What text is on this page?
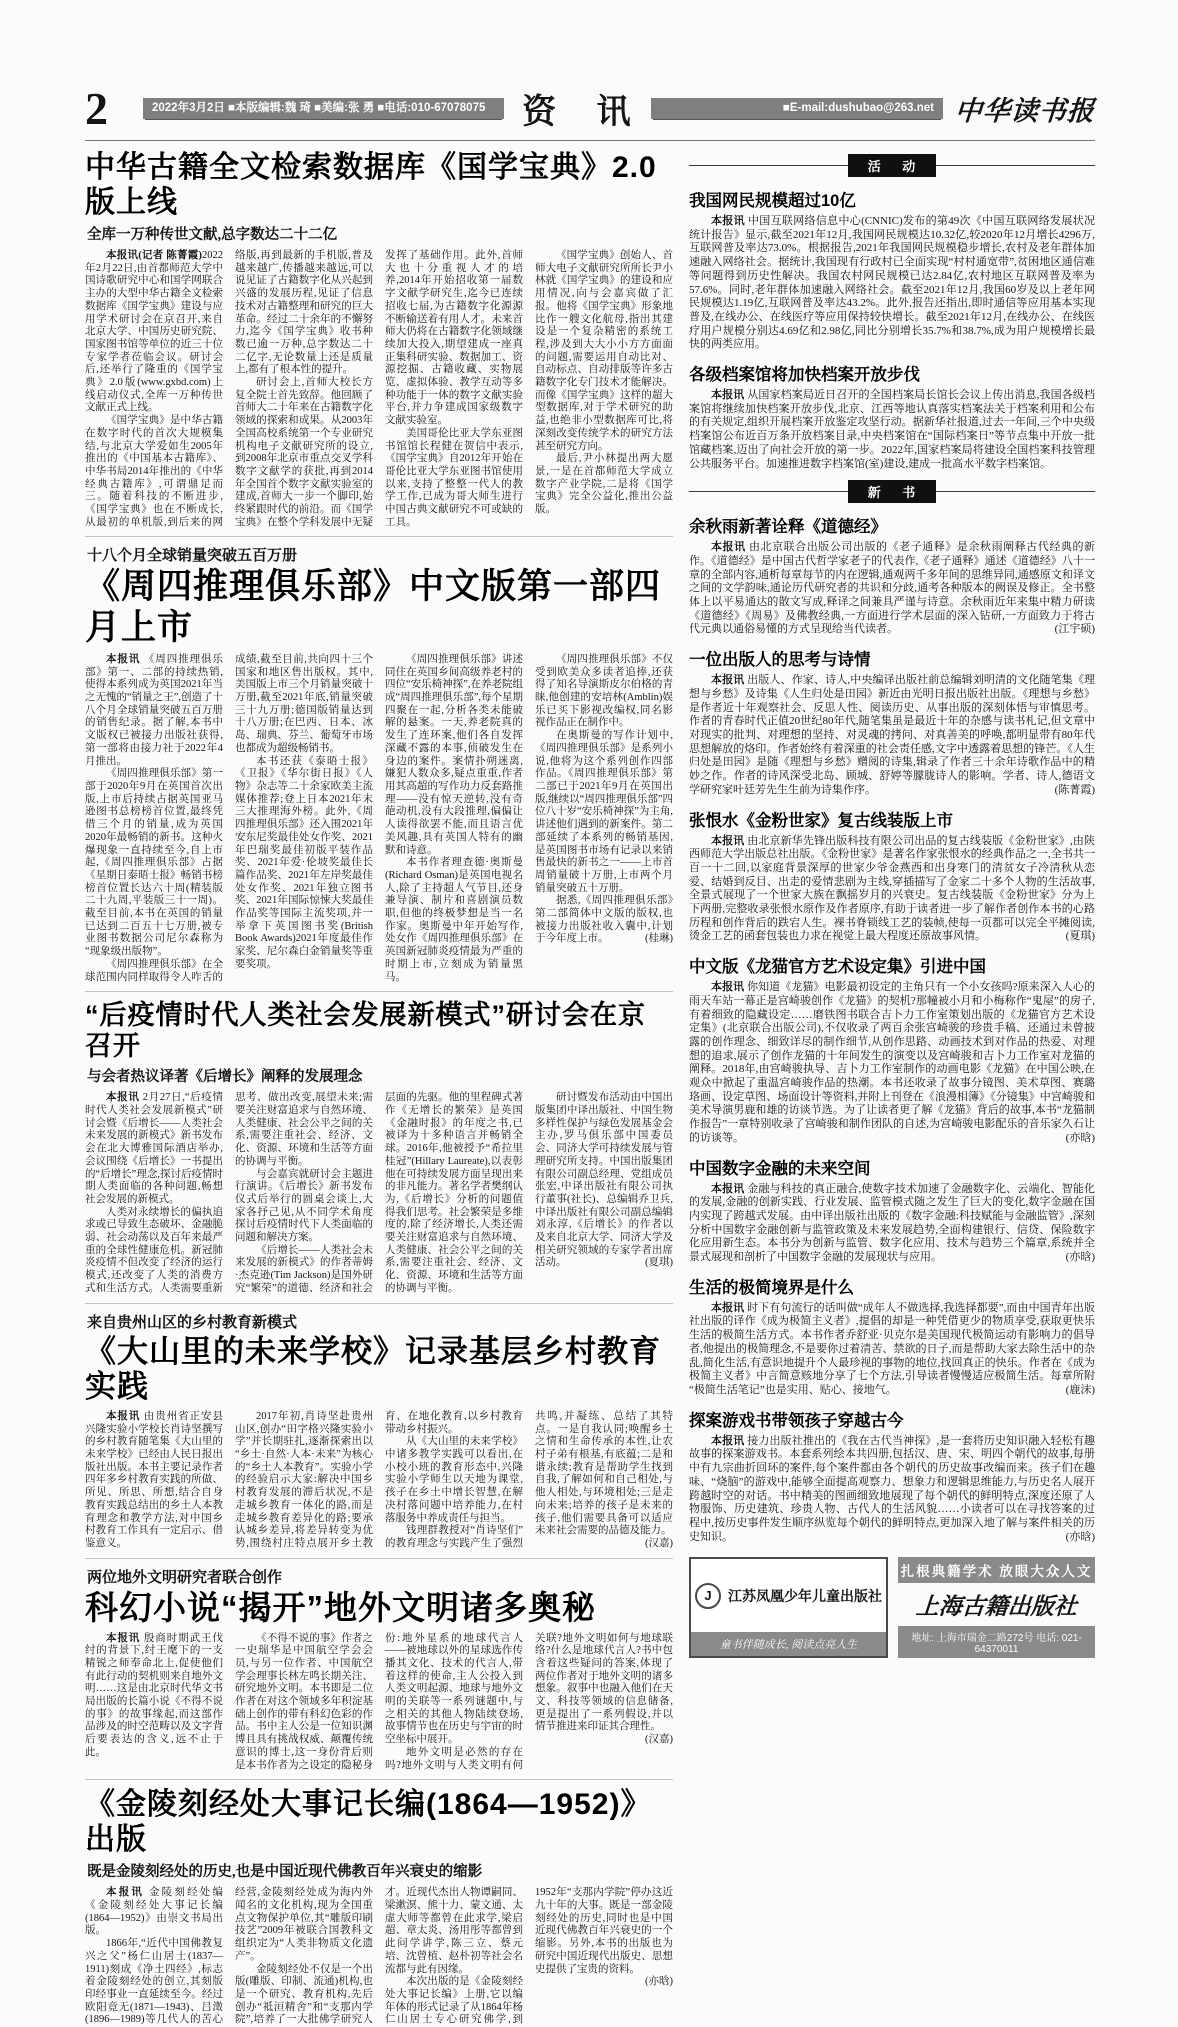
2	2022年3月2日 ■本版编辑:魏 琦 ■美编:张 勇 ■电话:010-67078075	资 讯	■E-mail:dushubao@263.net 中华读书报
中华古籍全文检索数据库《国学宝典》2.0版上线
全库一万种传世文献,总字数达二十二亿

本报讯(记者 陈菁霞)2022年2月22日,由首都师范大学中国诗歌研究中心和国学网联合主办的大型中华古籍全文检索数据库《国学宝典》建设与应用学术研讨会在京召开,来自北京大学、中国历史研究院、国家图书馆等单位的近三十位专家学者莅临会议。研讨会后,还举行了隆重的《国学宝典》2.0版(www.gxbd.com)上线启动仪式,全库一万种传世文献正式上线。

《国学宝典》是中华古籍在数字时代的首次大规模集结,与北京大学爱如生2005年推出的《中国基本古籍库》、中华书局2014年推出的《中华经典古籍库》,可谓鼎足而三。随着科技的不断进步,《国学宝典》也在不断成长,从最初的单机版,到后来的网络版,再到最新的手机版,普及越来越广,传播越来越远,可以说见证了古籍数字化从兴起到兴盛的发展历程,见证了信息技术对古籍整理和研究的巨大革命。经过二十余年的不懈努力,迄今《国学宝典》收书种数已逾一万种,总字数达二十二亿字,无论数量上还是质量上,都有了根本性的提升。

研讨会上,首师大校长方复全院士首先致辞。他回顾了首师大二十年来在古籍数字化领域的探索和成果。从2003年全国高校系统第一个专业研究机构电子文献研究所的设立,到2008年北京市重点交叉学科数字文献学的获批,再到2014年全国首个数字文献实验室的建成,首师大一步一个脚印,始终紧跟时代的前沿。而《国学宝典》在整个学科发展中无疑发挥了基础作用。此外,首师大也十分重视人才的培养,2014年开始招收第一届数字文献学研究生,迄今已连续招收七届,为古籍数字化源源不断输送着有用人才。未来首师大仍将在古籍数字化领域继续加大投入,期望建成一座真正集科研实验、数据加工、资源挖掘、古籍收藏、实物展览、虚拟体验、教学互动等多种功能于一体的数字文献实验平台,并力争建成国家级数字文献实验室。

美国哥伦比亚大学东亚图书馆馆长程健在贺信中表示,《国学宝典》自2012年开始在哥伦比亚大学东亚图书馆使用以来,支持了整整一代人的教学工作,已成为哥大师生进行中国古典文献研究不可或缺的工具。

《国学宝典》创始人、首师大电子文献研究所所长尹小林就《国学宝典》的建设和应用情况,向与会嘉宾做了汇报。他将《国学宝典》形象地比作一艘文化航母,指出其建设是一个复杂精密的系统工程,涉及到大大小小方方面面的问题,需要运用自动比对、自动标点、自动排版等许多古籍数字化专门技术才能解决。而像《国学宝典》这样的超大型数据库,对于学术研究的助益,也绝非小型数据库可比,将深刻改变传统学术的研究方法甚至研究方向。

最后,尹小林提出两大愿景,一是在首都师范大学成立数字产业学院,二是将《国学宝典》完全公益化,推出公益版。

十八个月全球销量突破五百万册
《周四推理俱乐部》中文版第一部四月上市

本报讯 《周四推理俱乐部》第一、二部的持续热销,使得本系列成为英国2021年当之无愧的“销量之王”,创造了十八个月全球销量突破五百万册的销售纪录。据了解,本书中文版权已被接力出版社获得,第一部将由接力社于2022年4月推出。

《周四推理俱乐部》第一部于2020年9月在英国首次出版,上市后持续占据英国亚马逊图书总榜榜首位置,最终凭借三个月的销量,成为英国2020年最畅销的新书。这种火爆现象一直持续至今,自上市起,《周四推理俱乐部》占据《星期日泰晤士报》畅销书榜榜首位置长达六十周(精装版二十九周,平装版三十一周)。截至目前,本书在英国的销量已达到二百五十七万册,被专业图书数据公司尼尔森称为“现象级出版物”。

《周四推理俱乐部》在全球范围内同样取得令人咋舌的成绩,截至目前,共向四十三个国家和地区售出版权。其中,美国版上市三个月销量突破十万册,截至2021年底,销量突破三十九万册;德国版销量达到十八万册;在巴西、日本、冰岛、瑞典、芬兰、葡萄牙市场也都成为超级畅销书。

本书还获《泰晤士报》《卫报》《华尔街日报》《人物》杂志等二十余家欧美主流媒体推荐;登上日本2021年末三大推理海外榜。此外,《周四推理俱乐部》还入围2021年安东尼奖最佳处女作奖、2021年巴瑞奖最佳初版平装作品奖、2021年爱·伦坡奖最佳长篇作品奖、2021年左岸奖最佳处女作奖、2021年独立图书奖、2021年国际惊悚大奖最佳作品奖等国际主流奖项,并一举拿下英国图书奖(British Book Awards)2021年度最佳作家奖、尼尔森白金销量奖等重要奖项。

《周四推理俱乐部》讲述同住在英国乡间高级养老村的四位“安乐椅神探”,在养老院组成“周四推理俱乐部”,每个星期四聚在一起,分析各类未能破解的悬案。一天,养老院真的发生了连环案,他们各自发挥深藏不露的本事,侦破发生在身边的案件。案情扑朔迷离,嫌犯人数众多,疑点重重,作者用其高超的写作功力反套路推理——没有惊天逆转,没有奇葩动机,没有大段推理,偏偏让人读得欲罢不能,而且语言优美风趣,具有英国人特有的幽默和诗意。

本书作者理查德·奥斯曼(Richard Osman)是英国电视名人,除了主持超人气节目,还身兼导演、制片和喜剧演员数职,但他的终极梦想是当一名作家。奥斯曼中年开始写作,处女作《周四推理俱乐部》在英国新冠肺炎疫情最为严重的时期上市,立刻成为销量黑马。

《周四推理俱乐部》不仅受到欧美众多读者追捧,还获得了知名导演斯皮尔伯格的青睐,他创建的安培林(Amblin)娱乐已买下影视改编权,同名影视作品正在制作中。

在奥斯曼的写作计划中,《周四推理俱乐部》是系列小说,他将为这个系列创作四部作品。《周四推理俱乐部》第二部已于2021年9月在英国出版,继续以“周四推理俱乐部”四位八十岁“安乐椅神探”为主角,讲述他们遇到的新案件。第二部延续了本系列的畅销基因,是英国图书市场有记录以来销售最快的新书之一——上市首周销量破十万册,上市两个月销量突破五十万册。

据悉,《周四推理俱乐部》第二部简体中文版的版权,也被接力出版社收入囊中,计划于今年度上市。	(桂琳)

“后疫情时代人类社会发展新模式”研讨会在京召开
与会者热议译著《后增长》阐释的发展理念

本报讯 2月27日,“后疫情时代人类社会发展新模式”研讨会暨《后增长——人类社会未来发展的新模式》新书发布会在北大博雅国际酒店举办,会议围绕《后增长》一书提出的“后增长”理念,探讨后疫情时期人类面临的各种问题,畅想社会发展的新模式。

人类对永续增长的偏执追求或已导致生态破坏、金融脆弱、社会动荡以及百年来最严重的全球性健康危机。新冠肺炎疫情不但改变了经济的运行模式,还改变了人类的消费方式和生活方式。人类需要重新思考、做出改变,展望未来;需要关注财富追求与自然环境、人类健康、社会公平之间的关系,需要注重社会、经济、文化、资源、环境和生活等方面的协调与平衡。

与会嘉宾就研讨会主题进行演讲。《后增长》新书发布仪式后举行的圆桌会谈上,大家各抒己见,从不同学术角度探讨后疫情时代下人类面临的问题和解决方案。

《后增长——人类社会未来发展的新模式》的作者蒂姆·杰克逊(Tim Jackson)是国外研究“繁荣”的道德、经济和社会层面的先驱。他的里程碑式著作《无增长的繁荣》是英国《金融时报》的年度之书,已被译为十多种语言并畅销全球。2016年,他被授予“希拉里桂冠”(Hillary Laureate),以表彰他在可持续发展方面呈现出来的非凡能力。著名学者樊纲认为,《后增长》分析的问题值得我们思考。社会繁荣是多维度的,除了经济增长,人类还需要关注财富追求与自然环境、人类健康、社会公平之间的关系,需要注重社会、经济、文化、资源、环境和生活等方面的协调与平衡。

研讨暨发布活动由中国出版集团中译出版社、中国生物多样性保护与绿色发展基金会主办,罗马俱乐部中国委员会、同济大学可持续发展与管理研究所支持。中国出版集团有限公司副总经理、党组成员张宏,中译出版社有限公司执行董事(社长)、总编辑乔卫兵,中译出版社有限公司副总编辑刘永淳,《后增长》的作者以及来自北京大学、同济大学及相关研究领域的专家学者出席活动。	(夏琪)

来自贵州山区的乡村教育新模式
《大山里的未来学校》记录基层乡村教育实践

本报讯 由贵州省正安县兴隆实验小学校长肖诗坚撰写的乡村教育随笔集《大山里的未来学校》已经由人民日报出版社出版。本书主要记录作者四年多乡村教育实践的所做、所见、所思、所想,结合自身教育实践总结出的乡土人本教育理念和教学方法,对中国乡村教育工作具有一定启示、借鉴意义。

2017年初,肖诗坚赴贵州山区,创办“田字格兴隆实验小学”并长期驻扎,逐渐探索出以“乡土·自然·人本·未来”为核心的“乡土人本教育”。实验小学的经验启示大家:解决中国乡村教育发展的滞后状况,不是走城乡教育一体化的路,而是走城乡教育差异化的路;要承认城乡差异,将差异转变为优势,围绕村庄特点展开乡土教育、在地化教育,以乡村教育带动乡村振兴。

从《大山里的未来学校》中诸多教学实践可以看出,在小校小班的教育形态中,兴隆实验小学师生以天地为课堂,孩子在乡土中增长智慧,在解决村落问题中培养能力,在村落服务中养成责任与担当。

钱理群教授对“肖诗坚们”的教育理念与实践产生了强烈共鸣,并凝练、总结了其特点。一是自我认同;唤醒乡土之情和生命传承的本性,让农村子弟有根基,有底蕴;二是和谐永续;教育是帮助学生找到自我,了解如何和自己相处,与他人相处,与环境相处;三是走向未来;培养的孩子是未来的孩子,他们需要具备可以适应未来社会需要的品德及能力。
(汉嘉)

两位地外文明研究者联合创作
科幻小说“揭开”地外文明诸多奥秘

本报讯 殷商时期武王伐纣的背景下,纣王麾下的一支精锐之师奉命北上,促使他们有此行动的契机则来自地外文明……这是由北京时代华文书局出版的长篇小说《不得不说的事》的故事缘起,而这部作品涉及的时空范畴以及文字背后要表达的含义,远不止于此。

《不得不说的事》作者之一史瑞华是中国航空学会会员,与另一位作者、中国航空学会理事长林左鸣长期关注、研究地外文明。本书即是二位作者在对这个领域多年积淀基础上创作的带有科幻色彩的作品。书中主人公是一位知识渊博且具有挑战权威、颠覆传统意识的博士,这一身份背后则是本书作者为之设定的隐秘身份:地外星系的地球代言人——被地球以外的星球选作传播其文化、技术的代言人,带着这样的使命,主人公投入到人类文明起源、地球与地外文明的关联等一系列谜题中,与之相关的其他人物陆续登场,故事情节也在历史与宇宙的时空坐标中展开。

地外文明是必然的存在吗?地外文明与人类文明有何关联?地外文明如何与地球联络?什么是地球代言人?书中包含着这些疑问的答案,体现了两位作者对于地外文明的诸多想象。叙事中也融入他们在天文、科技等领域的信息储备,更是提出了一系列假设,并以情节推进来印证其合理性。
(汉嘉)

《金陵刻经处大事记长编(1864—1952)》出版
既是金陵刻经处的历史,也是中国近现代佛教百年兴衰史的缩影

本报讯 金陵刻经处编《金陵刻经处大事记长编(1864—1952)》由崇文书局出版。

1866年,“近代中国佛教复兴之父”杨仁山居士(1837—1911)刻成《净土四经》,标志着金陵刻经处的创立,其刻版印经事业一直延续至今。经过欧阳竟无(1871—1943)、吕澂(1896—1989)等几代人的苦心经营,金陵刻经处成为海内外闻名的文化机构,现为全国重点文物保护单位,其“雕版印刷技艺”2009年被联合国教科文组织定为“人类非物质文化遗产”。

金陵刻经处不仅是一个出版(雕版、印制、流通)机构,也是一个研究、教育机构,先后创办“祗洹精舍”和“支那内学院”,培养了一大批佛学研究人才。近现代杰出人物谭嗣同、梁漱溟、熊十力、蒙文通、太虚大师等都曾在此求学,梁启超、章太炎、汤用彤等都曾到此问学讲学,陈三立、蔡元培、沈曾植、赵朴初等社会名流都与此有因缘。

本次出版的是《金陵刻经处大事记长编》上册,它以编年体的形式记录了从1864年杨仁山居士专心研究佛学,到1952年“支那内学院”停办这近九十年的大事。既是一部金陵刻经处的历史,同时也是中国近现代佛教百年兴衰史的一个缩影。另外,本书的出版也为研究中国近现代出版史、思想史提供了宝贵的资料。
(亦晗)

活 动
我国网民规模超过10亿

本报讯 中国互联网络信息中心(CNNIC)发布的第49次《中国互联网络发展状况统计报告》显示,截至2021年12月,我国网民规模达10.32亿,较2020年12月增长4296万,互联网普及率达73.0%。根据报告,2021年我国网民规模稳步增长,农村及老年群体加速融入网络社会。据统计,我国现有行政村已全面实现“村村通宽带”,贫困地区通信难等问题得到历史性解决。我国农村网民规模已达2.84亿,农村地区互联网普及率为57.6%。同时,老年群体加速融入网络社会。截至2021年12月,我国60岁及以上老年网民规模达1.19亿,互联网普及率达43.2%。此外,报告还指出,即时通信等应用基本实现普及,在线办公、在线医疗等应用保持较快增长。截至2021年12月,在线办公、在线医疗用户规模分别达4.69亿和2.98亿,同比分别增长35.7%和38.7%,成为用户规模增长最快的两类应用。

各级档案馆将加快档案开放步伐

本报讯 从国家档案局近日召开的全国档案局长馆长会议上传出消息,我国各级档案馆将继续加快档案开放步伐,北京、江西等地认真落实档案法关于档案利用和公布的有关规定,组织开展档案开放鉴定攻坚行动。据新华社报道,过去一年间,三个中央级档案馆公布近百万条开放档案目录,中央档案馆在“国际档案日”等节点集中开放一批馆藏档案,迈出了向社会开放的第一步。2022年,国家档案局将建设全国档案科技管理公共服务平台。加速推进数字档案馆(室)建设,建成一批高水平数字档案馆。

新 书
余秋雨新著诠释《道德经》

本报讯 由北京联合出版公司出版的《老子通释》是余秋雨阐释古代经典的新作。《道德经》是中国古代哲学家老子的代表作,《老子通释》通述《道德经》八十一章的全部内容,通析每章每节的内在逻辑,通观两千多年间的思维异同,通感原文和译文之间的文学韵味,通论历代研究者的共识和分歧,通考各种版本的阙误及修正。全书整体上以平易通达的散文写成,释译之间兼具严谨与诗意。余秋雨近年来集中精力研读《道德经》《周易》及佛教经典,一方面进行学术层面的深入钻研,一方面致力于将古代元典以通俗易懂的方式呈现给当代读者。	(江宇硕)

一位出版人的思考与诗情

本报讯 出版人、作家、诗人,中央编译出版社前总编辑刘明清的文化随笔集《理想与乡愁》及诗集《人生归处是田园》新近由光明日报出版社出版。《理想与乡愁》是作者近十年观察社会、反思人性、阅读历史、从事出版的深刻体悟与审慎思考。作者的青春时代正值20世纪80年代,随笔集虽是最近十年的杂感与读书札记,但文章中对现实的批判、对理想的坚持、对灵魂的拷问、对真善美的呼唤,都明显带有80年代思想解放的烙印。作者始终有着深重的社会责任感,文字中透露着思想的锋芒。《人生归处是田园》是随《理想与乡愁》赠阅的诗集,辑录了作者三十余年诗歌作品中的精妙之作。作者的诗风深受北岛、顾城、舒婷等朦胧诗人的影响。学者、诗人,德语文学研究家叶廷芳先生生前为诗集作序。	(陈菁霞)

张恨水《金粉世家》复古线装版上市

本报讯 由北京新华先锋出版科技有限公司出品的复古线装版《金粉世家》,由陕西师范大学出版总社出版。《金粉世家》是著名作家张恨水的经典作品之一,全书共一百一十二回,以家庭背景深厚的世家少爷金燕西和出身寒门的清贫女子冷清秋从恋爱、结婚到反目、出走的爱情悲剧为主线,穿插描写了金家二十多个人物的生活故事,全景式展现了一个世家大族在飘摇岁月的兴衰史。复古线装版《金粉世家》分为上下两册,完整收录张恨水原作及作者原序,有助于读者进一步了解作者创作本书的心路历程和创作背后的跌宕人生。裸书脊锁线工艺的装帧,使每一页都可以完全平摊阅读,烫金工艺的函套包装也力求在视觉上最大程度还原故事风情。	(夏琪)

中文版《龙猫官方艺术设定集》引进中国

本报讯 你知道《龙猫》电影最初设定的主角只有一个小女孩吗?原来深入人心的雨天车站一幕正是宫崎骏创作《龙猫》的契机?那幢被小月和小梅称作“鬼屋”的房子,有着细致的隐藏设定……磨铁图书联合吉卜力工作室策划出版的《龙猫官方艺术设定集》(北京联合出版公司),不仅收录了两百余张宫崎骏的珍贵手稿、还通过未曾披露的创作理念、细致详尽的制作细节,从创作思路、动画技术到对作品的热爱、对理想的追求,展示了创作龙猫的十年间发生的演变以及宫崎骏和吉卜力工作室对龙猫的阐释。2018年,由宫崎骏执导、吉卜力工作室制作的动画电影《龙猫》在中国公映,在观众中掀起了重温宫崎骏作品的热潮。本书还收录了故事分镜图、美术草图、赛璐珞画、设定草图、场面设计等资料,并附上刊登在《浪漫相簿》《分镜集》中宫崎骏和美术导演男鹿和雄的访谈节选。为了让读者更了解《龙猫》背后的故事,本书“龙猫制作报告”一章特别收录了宫崎骏和制作团队的自述,为宫崎骏电影配乐的音乐家久石让的访谈等。	(亦晗)

中国数字金融的未来空间

本报讯 金融与科技的真正融合,使数字技术加速了金融数字化、云端化、智能化的发展,金融的创新实践、行业发展、监管模式随之发生了巨大的变化,数字金融在国内实现了跨越式发展。由中译出版社出版的《数字金融:科技赋能与金融监管》,深刻分析中国数字金融创新与监管政策及未来发展趋势,全面构建银行、信贷、保险数字化应用新生态。本书分为创新与监管、数字化应用、技术与趋势三个篇章,系统并全景式展现和剖析了中国数字金融的发展现状与应用。	(亦晗)

生活的极简境界是什么

本报讯 时下有句流行的话叫做“成年人不做选择,我选择都要”,而由中国青年出版社出版的译作《成为极简主义者》,提倡的却是一种凭借更少的物质享受,获取更快乐生活的极简生活方式。本书作者乔舒亚·贝克尔是美国现代极简运动有影响力的倡导者,他提出的极简理念,不是要你过着清苦、禁欲的日子,而是帮助大家去除生活中的杂乱,简化生活,有意识地提升个人最珍视的事物的地位,找回真正的快乐。作者在《成为极简主义者》中言简意赅地分享了七个方法,引导读者慢慢适应极简生活。每章所附“极简生活笔记”也是实用、贴心、接地气。	(鹿沫)

探案游戏书带领孩子穿越古今

本报讯 接力出版社推出的《我在古代当神探》,是一套将历史知识融入轻松有趣故事的探案游戏书。本套系列绘本共四册,包括汉、唐、宋、明四个朝代的故事,每册中有九宗曲折回环的案件,每个案件都由各个朝代的历史故事改编而来。孩子们在趣味、“烧脑”的游戏中,能够全面提高观察力、想象力和逻辑思维能力,与历史名人展开跨越时空的对话。书中精美的图画细致地展现了每个朝代的鲜明特点,深度还原了人物服饰、历史建筑、珍贵人物、古代人的生活风貌……小读者可以在寻找答案的过程中,按历史事件发生顺序纵览每个朝代的鲜明特点,更加深入地了解与案件相关的历史知识。	(亦晗)

J	江苏凤凰少年儿童出版社
童书伴随成长, 阅读点亮人生
扎根典籍学术 放眼大众人文
上海古籍出版社
地址: 上海市瑞金二路272号 电话: 021-64370011
